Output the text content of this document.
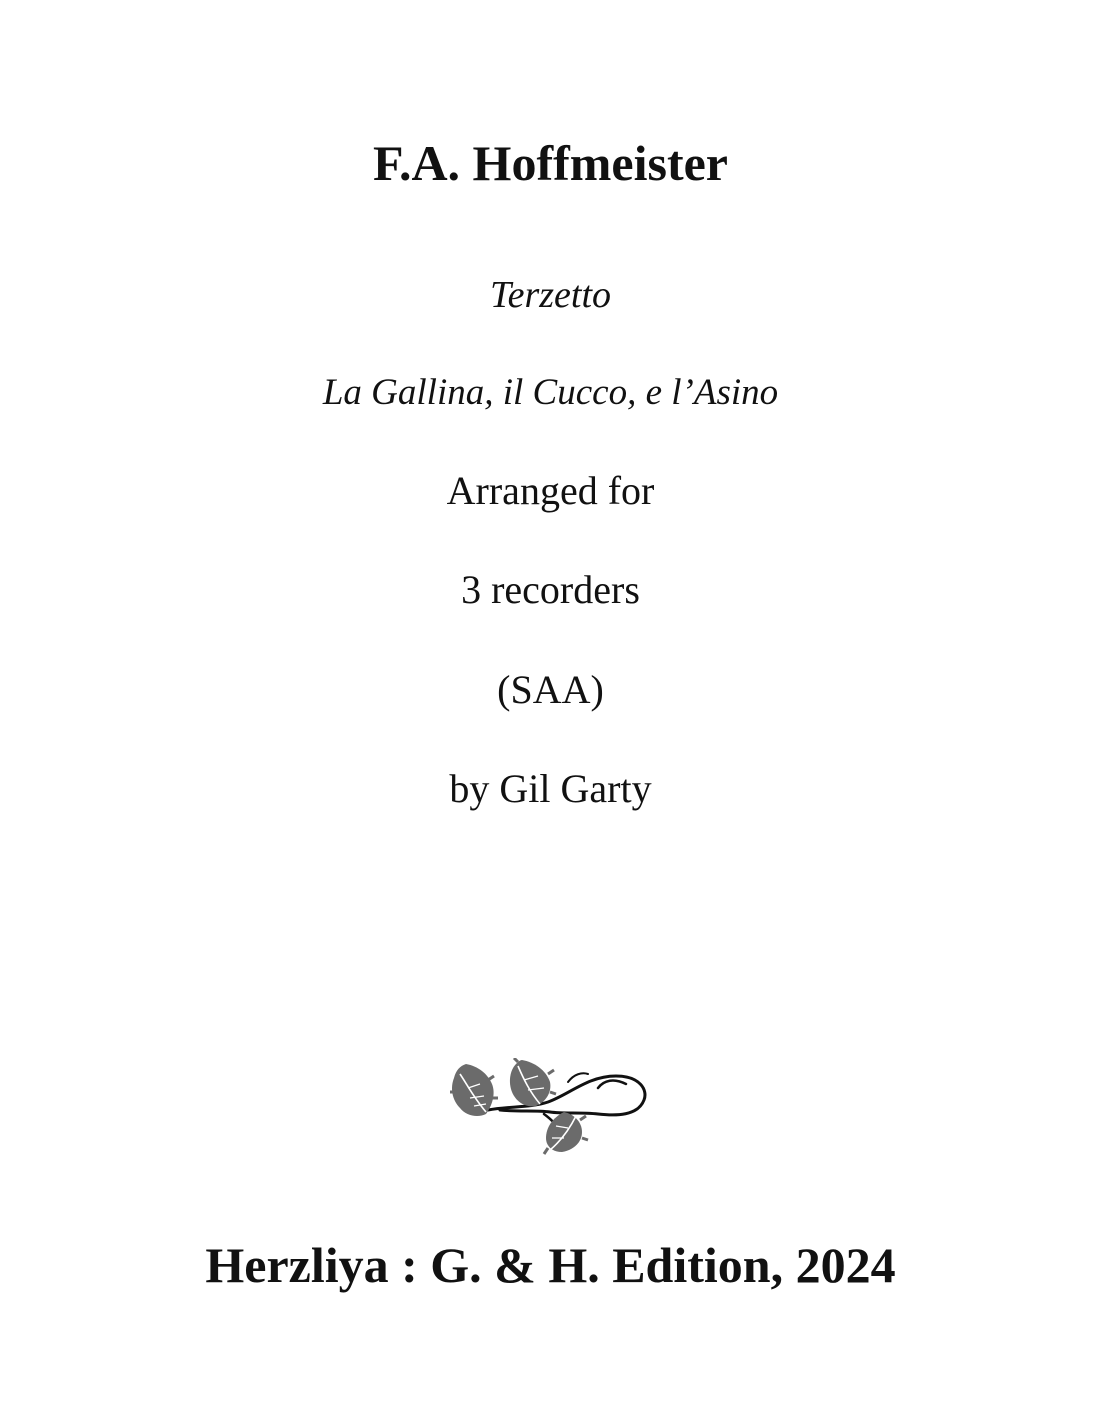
F.A. Hoffmeister
Terzetto
La Gallina, il Cucco, e l’Asino
Arranged for
3 recorders
(SAA)
by Gil Garty
Herzliya : G. & H. Edition, 2024
